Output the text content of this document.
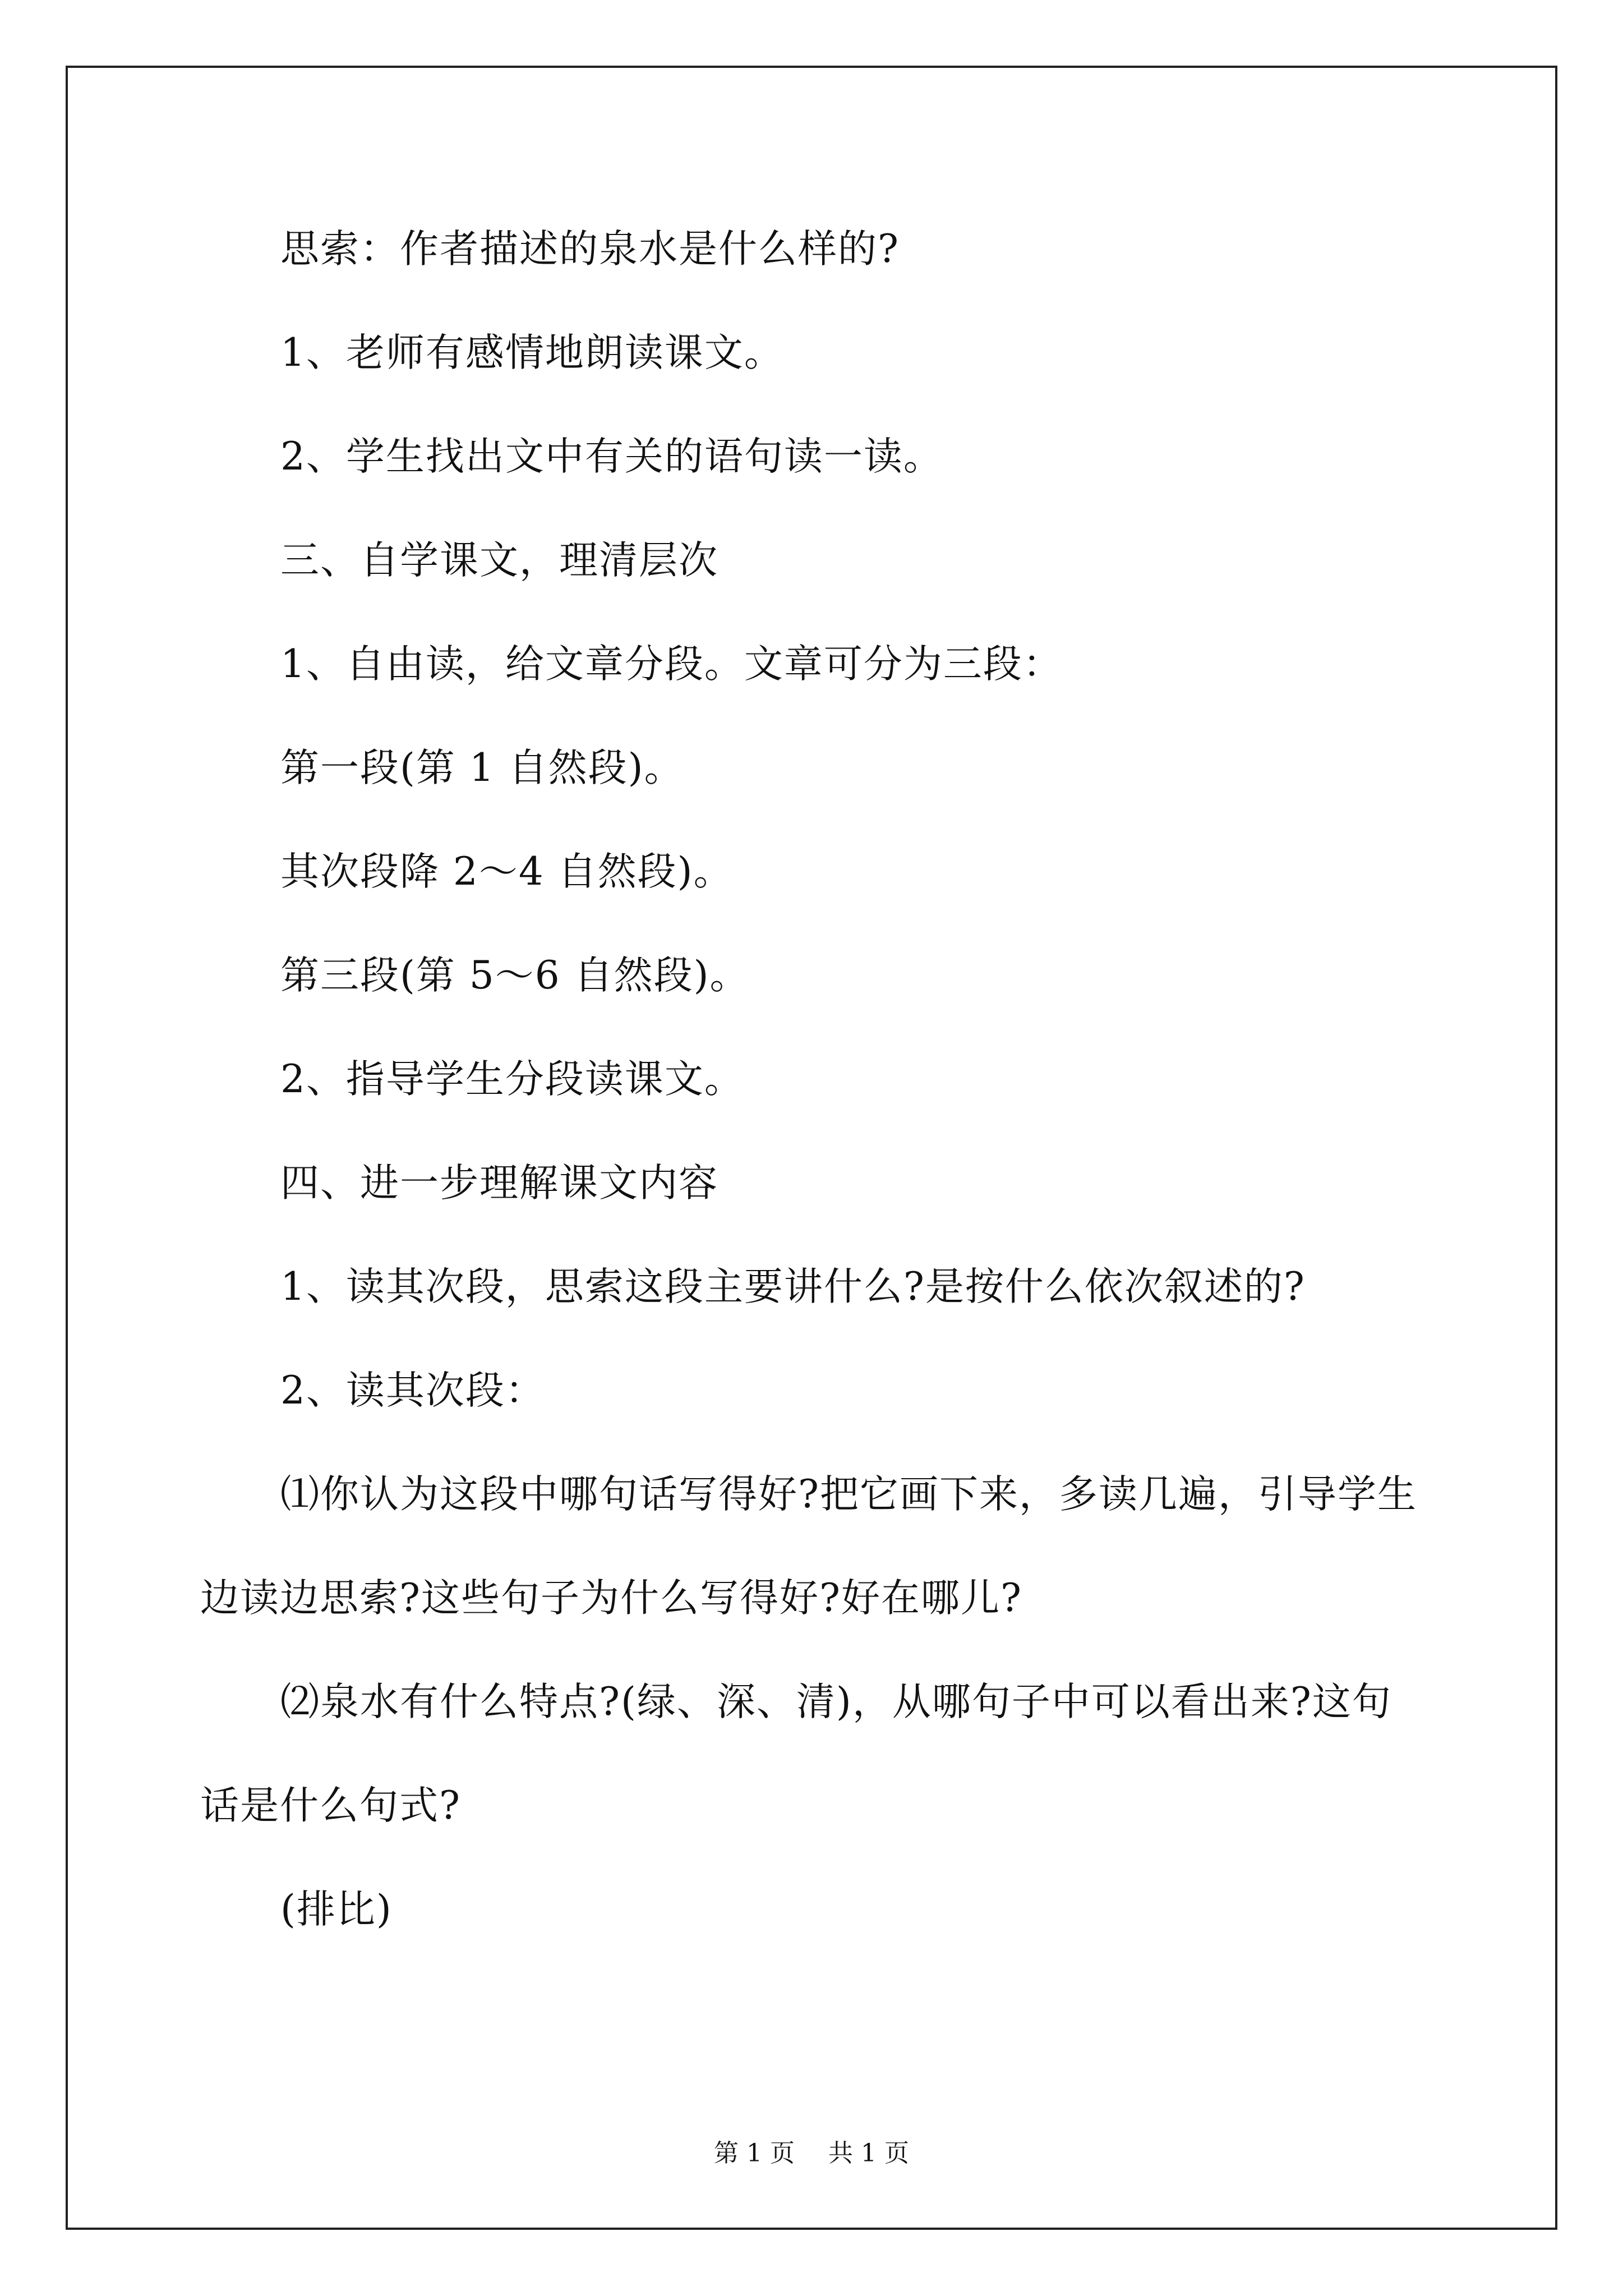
思索：作者描述的泉水是什么样的?
1、老师有感情地朗读课文。
2、学生找出文中有关的语句读一读。
三、自学课文，理清层次
1、自由读，给文章分段。文章可分为三段：
第一段(第 1 自然段)。
其次段降 2～4 自然段)。
第三段(第 5～6 自然段)。
2、指导学生分段读课文。
四、进一步理解课文内容
1、读其次段，思索这段主要讲什么?是按什么依次叙述的?
2、读其次段：
⑴你认为这段中哪句话写得好?把它画下来，多读几遍，引导学生
边读边思索?这些句子为什么写得好?好在哪儿?
⑵泉水有什么特点?(绿、深、清)，从哪句子中可以看出来?这句
话是什么句式?
(排比)
第 1 页 共 1 页
